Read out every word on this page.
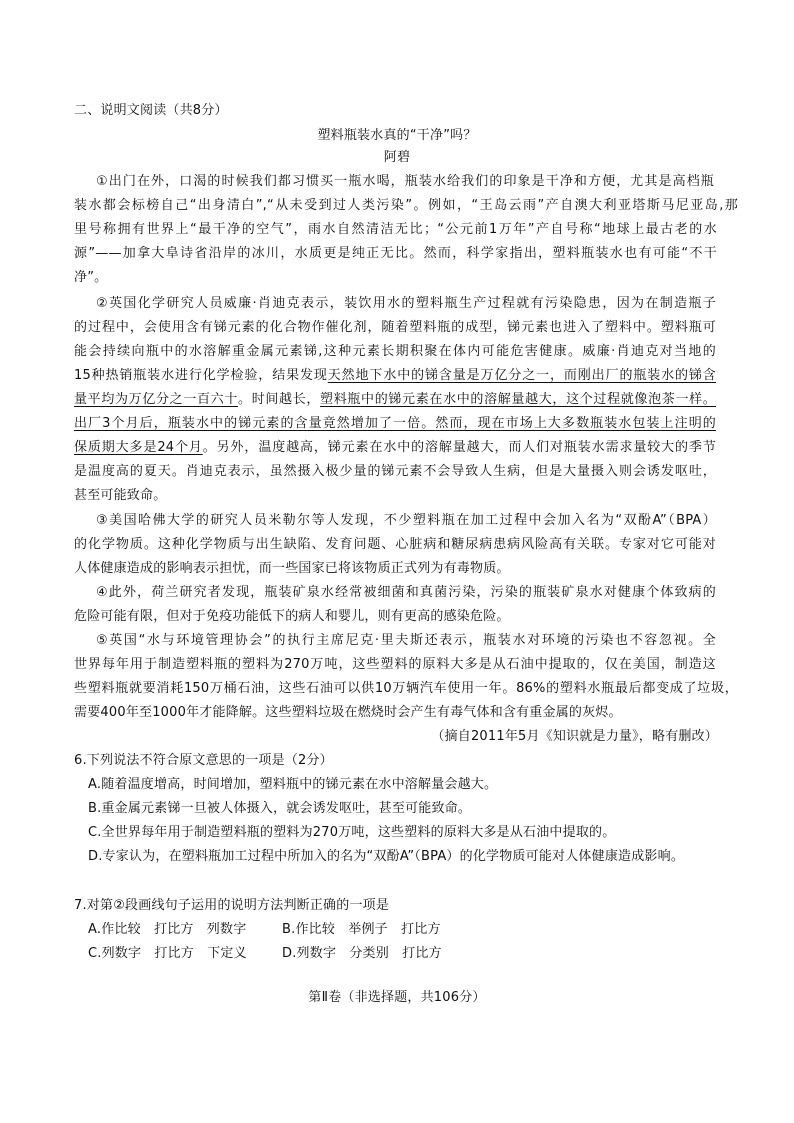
二、说明文阅读（共8分）
塑料瓶装水真的“干净”吗？
阿碧
①出门在外，口渴的时候我们都习惯买一瓶水喝，瓶装水给我们的印象是干净和方便，尤其是高档瓶
装水都会标榜自己“出身清白”,“从未受到过人类污染”。例如，“王岛云雨”产自澳大利亚塔斯马尼亚岛,那
里号称拥有世界上“最干净的空气”，雨水自然清洁无比；“公元前1万年”产自号称“地球上最古老的水
源”——加拿大阜诗省沿岸的冰川，水质更是纯正无比。然而，科学家指出，塑料瓶装水也有可能“不干
净”。
②英国化学研究人员威廉·肖迪克表示，装饮用水的塑料瓶生产过程就有污染隐患，因为在制造瓶子
的过程中，会使用含有锑元素的化合物作催化剂，随着塑料瓶的成型，锑元素也进入了塑料中。塑料瓶可
能会持续向瓶中的水溶解重金属元素锑,这种元素长期积聚在体内可能危害健康。威廉·肖迪克对当地的
15种热销瓶装水进行化学检验，结果发现天然地下水中的锑含量是万亿分之一，而刚出厂的瓶装水的锑含
量平均为万亿分之一百六十。时间越长，塑料瓶中的锑元素在水中的溶解量越大，这个过程就像泡茶一样。
出厂3个月后，瓶装水中的锑元素的含量竟然增加了一倍。然而，现在市场上大多数瓶装水包装上注明的
保质期大多是24个月。另外，温度越高，锑元素在水中的溶解量越大，而人们对瓶装水需求量较大的季节
是温度高的夏天。肖迪克表示，虽然摄入极少量的锑元素不会导致人生病，但是大量摄入则会诱发呕吐，
甚至可能致命。
③美国哈佛大学的研究人员米勒尔等人发现，不少塑料瓶在加工过程中会加入名为“双酚A”（BPA）
的化学物质。这种化学物质与出生缺陷、发育问题、心脏病和糖尿病患病风险高有关联。专家对它可能对
人体健康造成的影响表示担忧，而一些国家已将该物质正式列为有毒物质。
④此外，荷兰研究者发现，瓶装矿泉水经常被细菌和真菌污染，污染的瓶装矿泉水对健康个体致病的
危险可能有限，但对于免疫功能低下的病人和婴儿，则有更高的感染危险。
⑤英国“水与环境管理协会”的执行主席尼克·里夫斯还表示，瓶装水对环境的污染也不容忽视。全
世界每年用于制造塑料瓶的塑料为270万吨，这些塑料的原料大多是从石油中提取的，仅在美国，制造这
些塑料瓶就要消耗150万桶石油，这些石油可以供10万辆汽车使用一年。86%的塑料水瓶最后都变成了垃圾，
需要400年至1000年才能降解。这些塑料垃圾在燃烧时会产生有毒气体和含有重金属的灰烬。
（摘自2011年5月《知识就是力量》，略有删改）
6.下列说法不符合原文意思的一项是（2分）
A.随着温度增高，时间增加，塑料瓶中的锑元素在水中溶解量会越大。
B.重金属元素锑一旦被人体摄入，就会诱发呕吐，甚至可能致命。
C.全世界每年用于制造塑料瓶的塑料为270万吨，这些塑料的原料大多是从石油中提取的。
D.专家认为，在塑料瓶加工过程中所加入的名为“双酚A”（BPA）的化学物质可能对人体健康造成影响。
7.对第②段画线句子运用的说明方法判断正确的一项是
A.作比较　打比方　列数字	B.作比较　举例子　打比方
C.列数字　打比方　下定义	D.列数字　分类别　打比方
第Ⅱ卷（非选择题，共106分）
